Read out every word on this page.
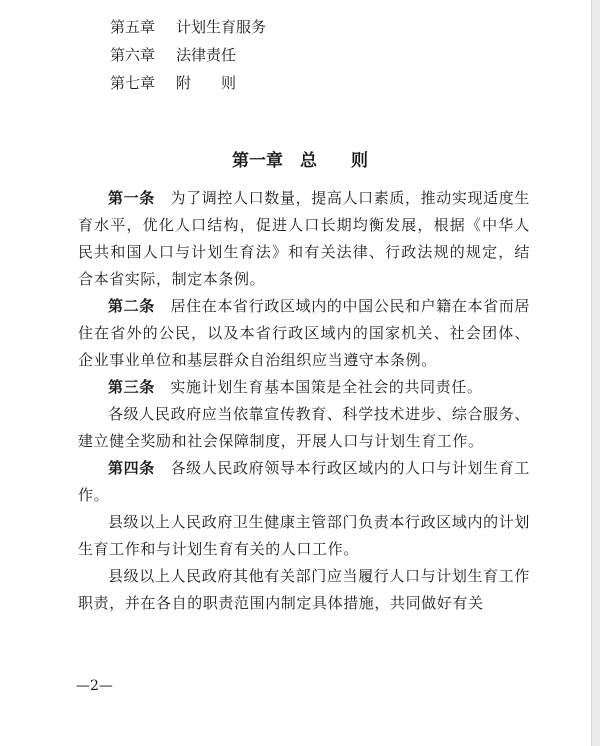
第五章 计划生育服务
第六章 法律责任
第七章 附　　则
第一章　总　　则

第一条　 为了调控人口数量，提高人口素质，推动实现适度生育水平，优化人口结构，促进人口长期均衡发展，根据《中华人民共和国人口与计划生育法》和有关法律、行政法规的规定，结合本省实际，制定本条例。

第二条　 居住在本省行政区域内的中国公民和户籍在本省而居住在省外的公民，以及本省行政区域内的国家机关、社会团体、企业事业单位和基层群众自治组织应当遵守本条例。

第三条　 实施计划生育基本国策是全社会的共同责任。

各级人民政府应当依靠宣传教育、科学技术进步、综合服务、建立健全奖励和社会保障制度，开展人口与计划生育工作。

第四条　 各级人民政府领导本行政区域内的人口与计划生育工作。

县级以上人民政府卫生健康主管部门负责本行政区域内的计划生育工作和与计划生育有关的人口工作。

县级以上人民政府其他有关部门应当履行人口与计划生育工作职责，并在各自的职责范围内制定具体措施，共同做好有关

—2—
